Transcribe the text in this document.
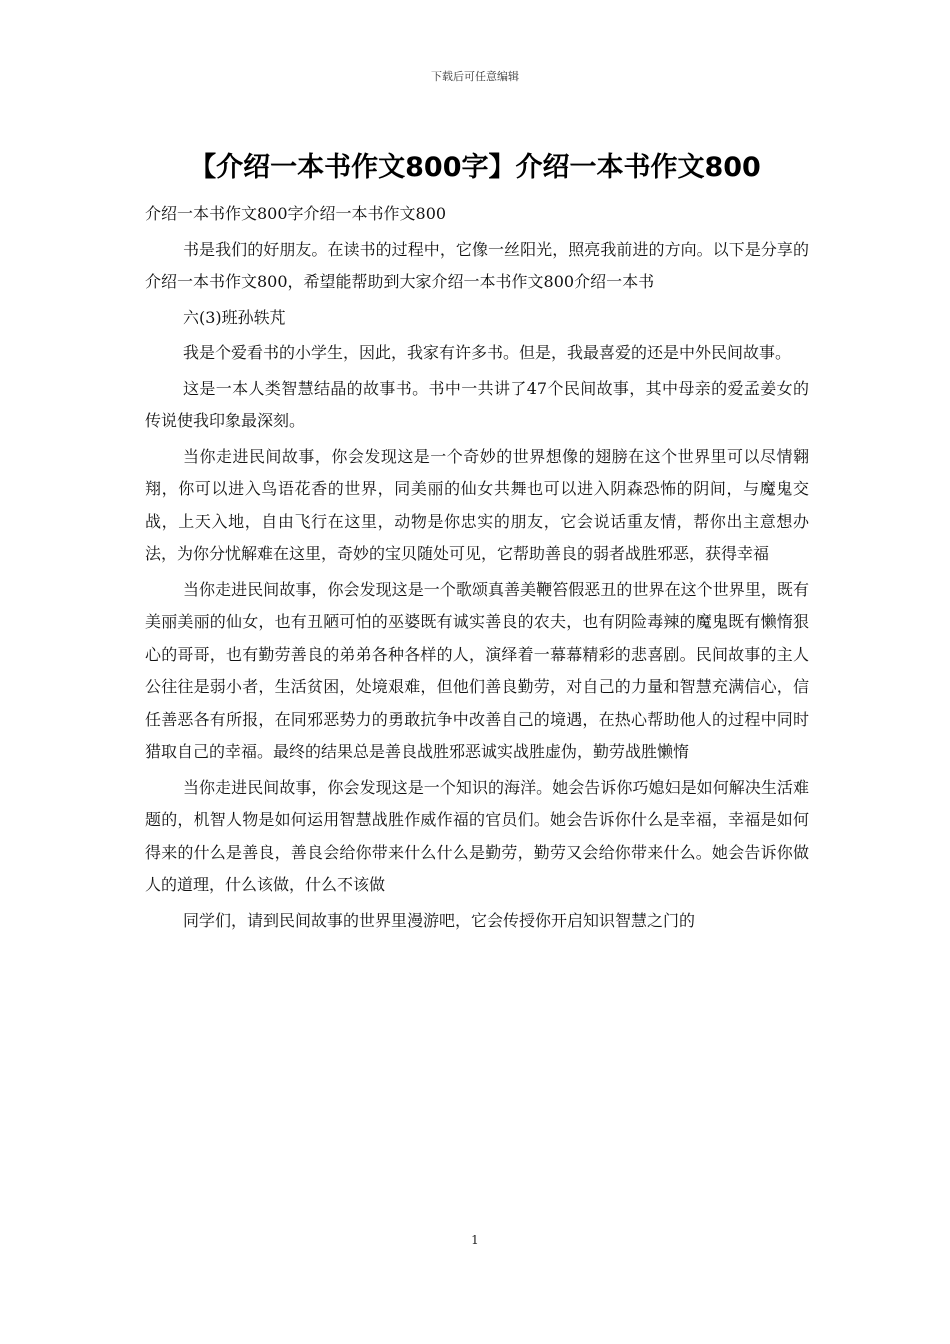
下载后可任意编辑
【介绍一本书作文800字】介绍一本书作文800

介绍一本书作文800字介绍一本书作文800

书是我们的好朋友。在读书的过程中，它像一丝阳光，照亮我前进的方向。以下是分享的介绍一本书作文800，希望能帮助到大家介绍一本书作文800介绍一本书

六(3)班孙轶芃

我是个爱看书的小学生，因此，我家有许多书。但是，我最喜爱的还是中外民间故事。

这是一本人类智慧结晶的故事书。书中一共讲了47个民间故事，其中母亲的爱孟姜女的传说使我印象最深刻。

当你走进民间故事，你会发现这是一个奇妙的世界想像的翅膀在这个世界里可以尽情翱翔，你可以进入鸟语花香的世界，同美丽的仙女共舞也可以进入阴森恐怖的阴间，与魔鬼交战，上天入地，自由飞行在这里，动物是你忠实的朋友，它会说话重友情，帮你出主意想办法，为你分忧解难在这里，奇妙的宝贝随处可见，它帮助善良的弱者战胜邪恶，获得幸福

当你走进民间故事，你会发现这是一个歌颂真善美鞭笞假恶丑的世界在这个世界里，既有美丽美丽的仙女，也有丑陋可怕的巫婆既有诚实善良的农夫，也有阴险毒辣的魔鬼既有懒惰狠心的哥哥，也有勤劳善良的弟弟各种各样的人，演绎着一幕幕精彩的悲喜剧。民间故事的主人公往往是弱小者，生活贫困，处境艰难，但他们善良勤劳，对自己的力量和智慧充满信心，信任善恶各有所报，在同邪恶势力的勇敢抗争中改善自己的境遇，在热心帮助他人的过程中同时猎取自己的幸福。最终的结果总是善良战胜邪恶诚实战胜虚伪，勤劳战胜懒惰

当你走进民间故事，你会发现这是一个知识的海洋。她会告诉你巧媳妇是如何解决生活难题的，机智人物是如何运用智慧战胜作威作福的官员们。她会告诉你什么是幸福，幸福是如何得来的什么是善良，善良会给你带来什么什么是勤劳，勤劳又会给你带来什么。她会告诉你做人的道理，什么该做，什么不该做

同学们，请到民间故事的世界里漫游吧，它会传授你开启知识智慧之门的

1
